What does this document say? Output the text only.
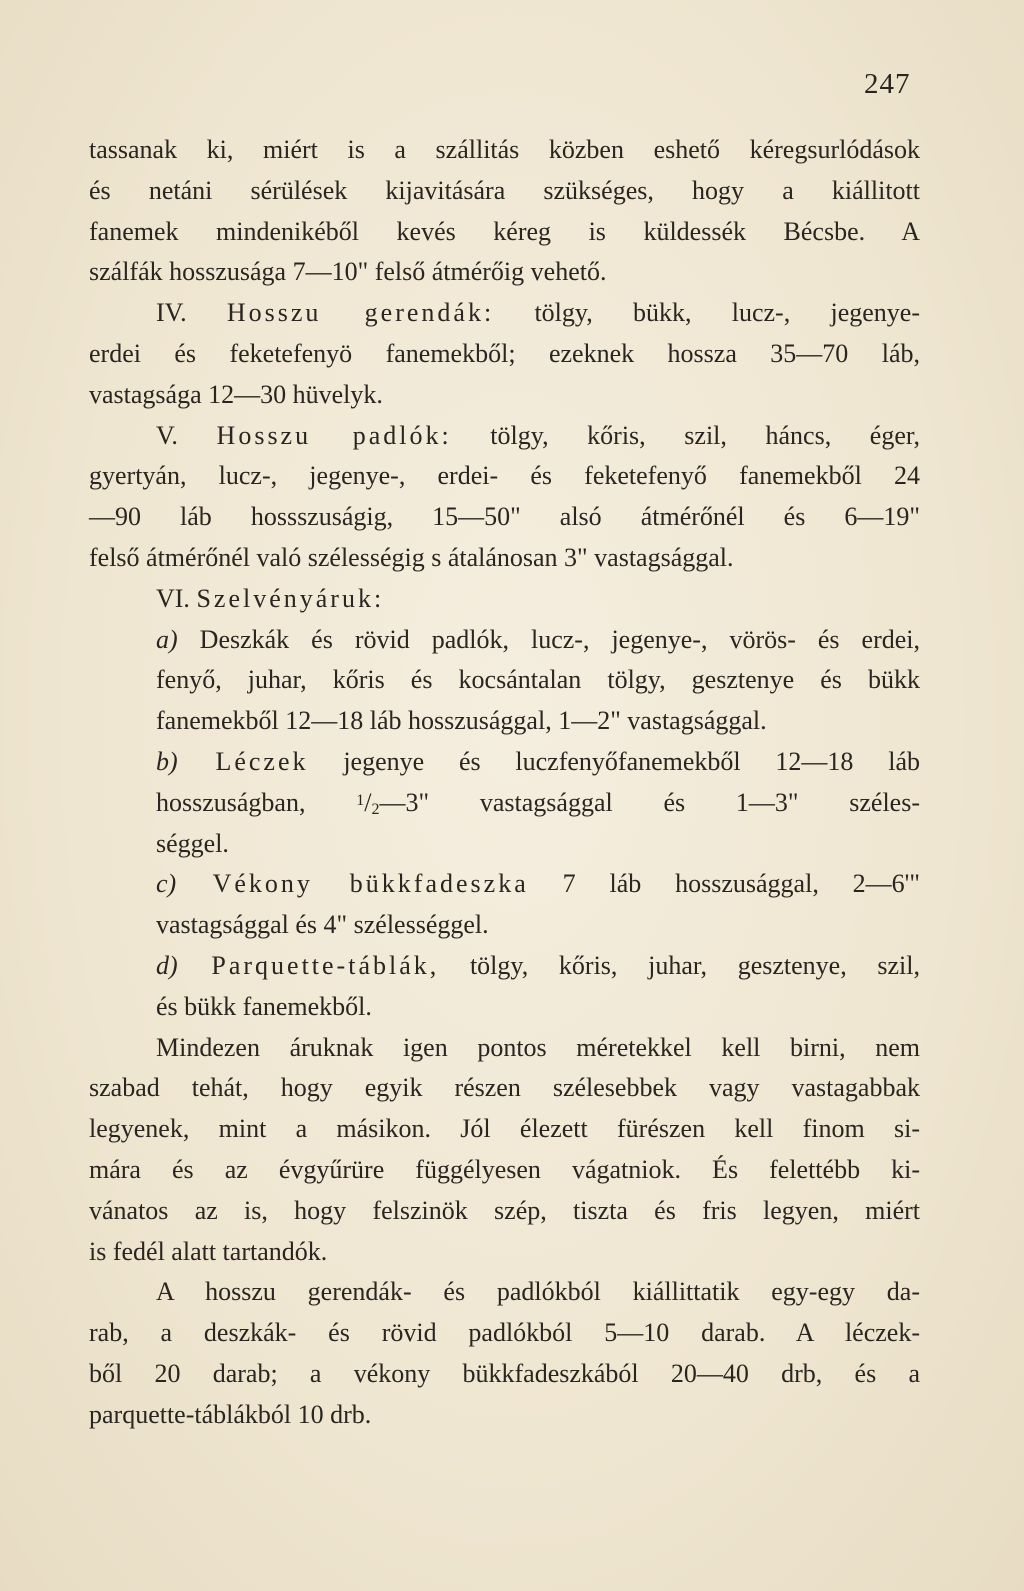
247
tassanak ki, miért is a szállitás közben eshető kéregsurlódások
és netáni sérülések kijavitására szükséges, hogy a kiállitott
fanemek mindenikéből kevés kéreg is küldessék Bécsbe. A
szálfák hosszusága 7—10" felső átmérőig vehető.
IV. Hosszu gerendák: tölgy, bükk, lucz-, jegenye-
erdei és feketefenyö fanemekből; ezeknek hossza 35—70 láb,
vastagsága 12—30 hüvelyk.
V. Hosszu padlók: tölgy, kőris, szil, háncs, éger,
gyertyán, lucz-, jegenye-, erdei- és feketefenyő fanemekből 24
—90 láb hossszuságig, 15—50" alsó átmérőnél és 6—19"
felső átmérőnél való szélességig s átalánosan 3" vastagsággal.
VI. Szelvényáruk:
a) Deszkák és rövid padlók, lucz-, jegenye-, vörös- és erdei,
fenyő, juhar, kőris és kocsántalan tölgy, gesztenye és bükk
fanemekből 12—18 láb hosszusággal, 1—2" vastagsággal.
b) Léczek jegenye és luczfenyőfanemekből 12—18 láb
hosszuságban, $^1/_2—3$" vastagsággal és 1—3" széles-
séggel.
c) Vékony bükkfadeszka 7 láb hosszusággal, 2—6'"
vastagsággal és 4" szélességgel.
d) Parquette-táblák, tölgy, kőris, juhar, gesztenye, szil,
és bükk fanemekből.
Mindezen áruknak igen pontos méretekkel kell birni, nem
szabad tehát, hogy egyik részen szélesebbek vagy vastagabbak
legyenek, mint a másikon. Jól élezett fürészen kell finom si-
mára és az évgyűrüre függélyesen vágatniok. És felettébb ki-
vánatos az is, hogy felszinök szép, tiszta és fris legyen, miért
is fedél alatt tartandók.
A hosszu gerendák- és padlókból kiállittatik egy-egy da-
rab, a deszkák- és rövid padlókból 5—10 darab. A léczek-
ből 20 darab; a vékony bükkfadeszkából 20—40 drb, és a
parquette-táblákból 10 drb.
